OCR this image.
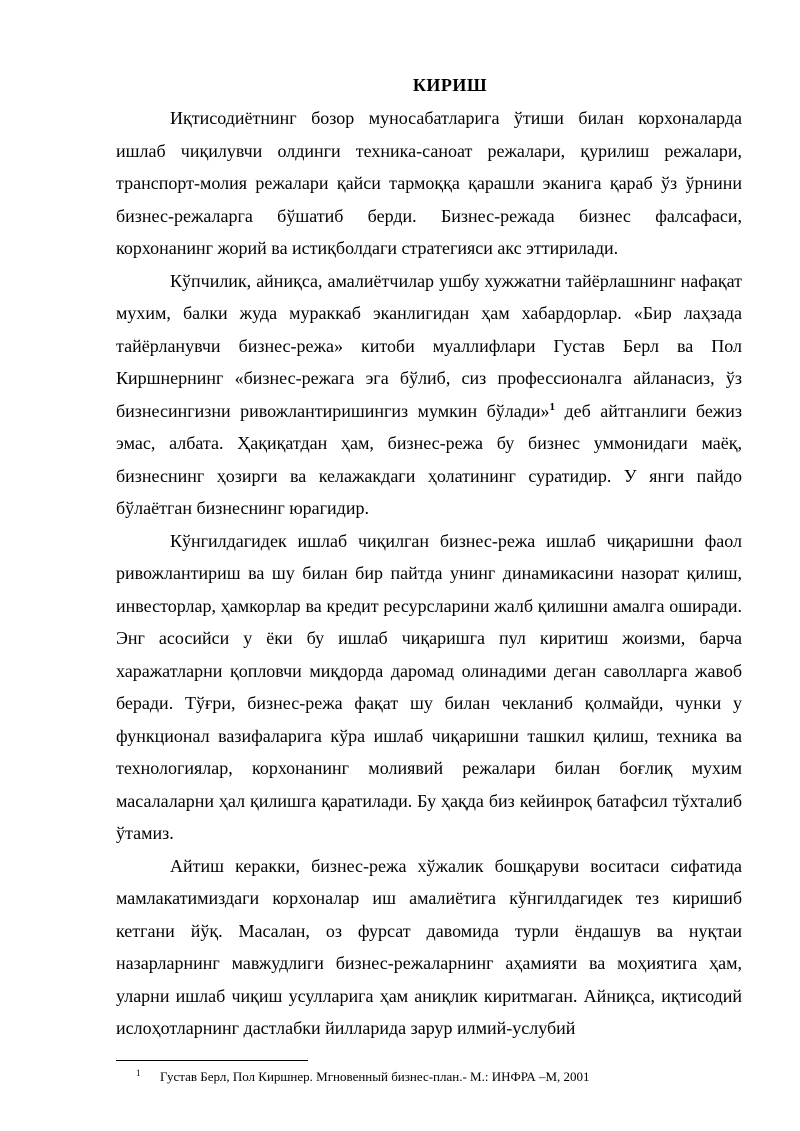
КИРИШ

Иқтисодиётнинг бозор муносабатларига ўтиши билан корхоналарда ишлаб чиқилувчи олдинги техника-саноат режалари, қурилиш режалари, транспорт-молия режалари қайси тармоққа қарашли эканига қараб ўз ўрнини бизнес-режаларга бўшатиб берди. Бизнес-режада бизнес фалсафаси, корхонанинг жорий ва истиқболдаги стратегияси акс эттирилади.

Кўпчилик, айниқса, амалиётчилар ушбу хужжатни тайёрлашнинг нафақат мухим, балки жуда мураккаб эканлигидан ҳам хабардорлар. «Бир лаҳзада тайёрланувчи бизнес-режа» китоби муаллифлари Густав Берл ва Пол Киршнернинг «бизнес-режага эга бўлиб, сиз профессионалга айланасиз, ўз бизнесингизни ривожлантиришингиз мумкин бўлади»$^1$ деб айтганлиги бежиз эмас, албата. Ҳақиқатдан ҳам, бизнес-режа бу бизнес уммонидаги маёқ, бизнеснинг ҳозирги ва келажакдаги ҳолатининг суратидир. У янги пайдо бўлаётган бизнеснинг юрагидир.

Кўнгилдагидек ишлаб чиқилган бизнес-режа ишлаб чиқаришни фаол ривожлантириш ва шу билан бир пайтда унинг динамикасини назорат қилиш, инвесторлар, ҳамкорлар ва кредит ресурсларини жалб қилишни амалга оширади. Энг асосийси у ёки бу ишлаб чиқаришга пул киритиш жоизми, барча харажатларни қопловчи миқдорда даромад олинадими деган саволларга жавоб беради. Тўғри, бизнес-режа фақат шу билан чекланиб қолмайди, чунки у функционал вазифаларига кўра ишлаб чиқаришни ташкил қилиш, техника ва технологиялар, корхонанинг молиявий режалари билан боғлиқ мухим масалаларни ҳал қилишга қаратилади. Бу ҳақда биз кейинроқ батафсил тўхталиб ўтамиз.

Айтиш керакки, бизнес-режа хўжалик бошқаруви воситаси сифатида мамлакатимиздаги корхоналар иш амалиётига кўнгилдагидек тез киришиб кетгани йўқ. Масалан, оз фурсат давомида турли ёндашув ва нуқтаи назарларнинг мавжудлиги бизнес-режаларнинг аҳамияти ва моҳиятига ҳам, уларни ишлаб чиқиш усулларига ҳам аниқлик киритмаган. Айниқса, иқтисодий ислоҳотларнинг дастлабки йилларида зарур илмий-услубий

1 Густав Берл, Пол Киршнер. Мгновенный бизнес-план.- М.: ИНФРА –М, 2001
